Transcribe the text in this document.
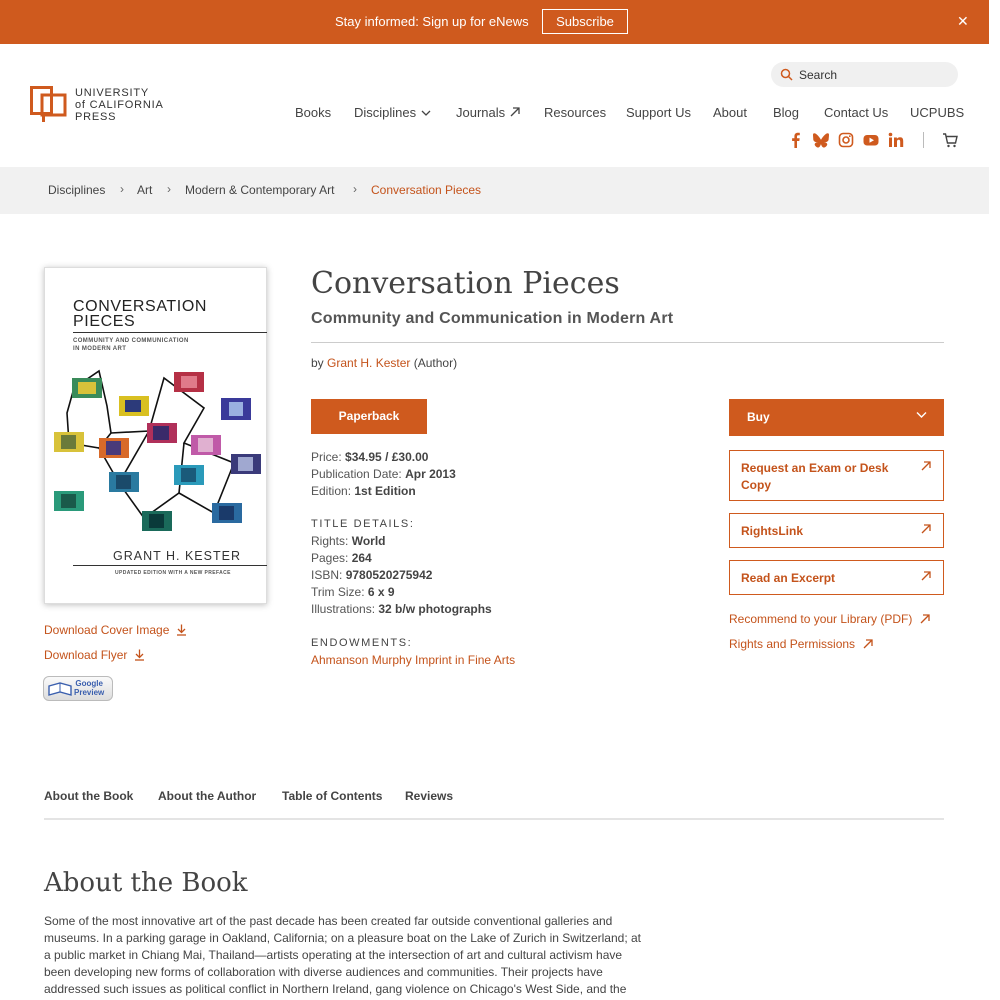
Stay informed: Sign up for eNews	Subscribe	✕
UNIVERSITY
of CALIFORNIA
PRESS
Search
Books Disciplines	Journals	Resources Support Us About Blog Contact Us UCPUBS
Disciplines › Art › Modern & Contemporary Art › Conversation Pieces
CONVERSATION
PIECES
COMMUNITY AND COMMUNICATION
IN MODERN ART
GRANT H. KESTER
UPDATED EDITION WITH A NEW PREFACE
Download Cover Image
Download Flyer
Google
Preview
Conversation Pieces
Community and Communication in Modern Art
by Grant H. Kester (Author)
Paperback
Price: $34.95 / £30.00
Publication Date: Apr 2013
Edition: 1st Edition
TITLE DETAILS:
Rights: World
Pages: 264
ISBN: 9780520275942
Trim Size: 6 x 9
Illustrations: 32 b/w photographs
ENDOWMENTS:
Ahmanson Murphy Imprint in Fine Arts
Buy
Request an Exam or Desk Copy
RightsLink
Read an Excerpt
Recommend to your Library (PDF)
Rights and Permissions
About the Book About the Author Table of Contents Reviews
About the Book
Some of the most innovative art of the past decade has been created far outside conventional galleries and
museums. In a parking garage in Oakland, California; on a pleasure boat on the Lake of Zurich in Switzerland; at
a public market in Chiang Mai, Thailand—artists operating at the intersection of art and cultural activism have
been developing new forms of collaboration with diverse audiences and communities. Their projects have
addressed such issues as political conflict in Northern Ireland, gang violence on Chicago's West Side, and the
